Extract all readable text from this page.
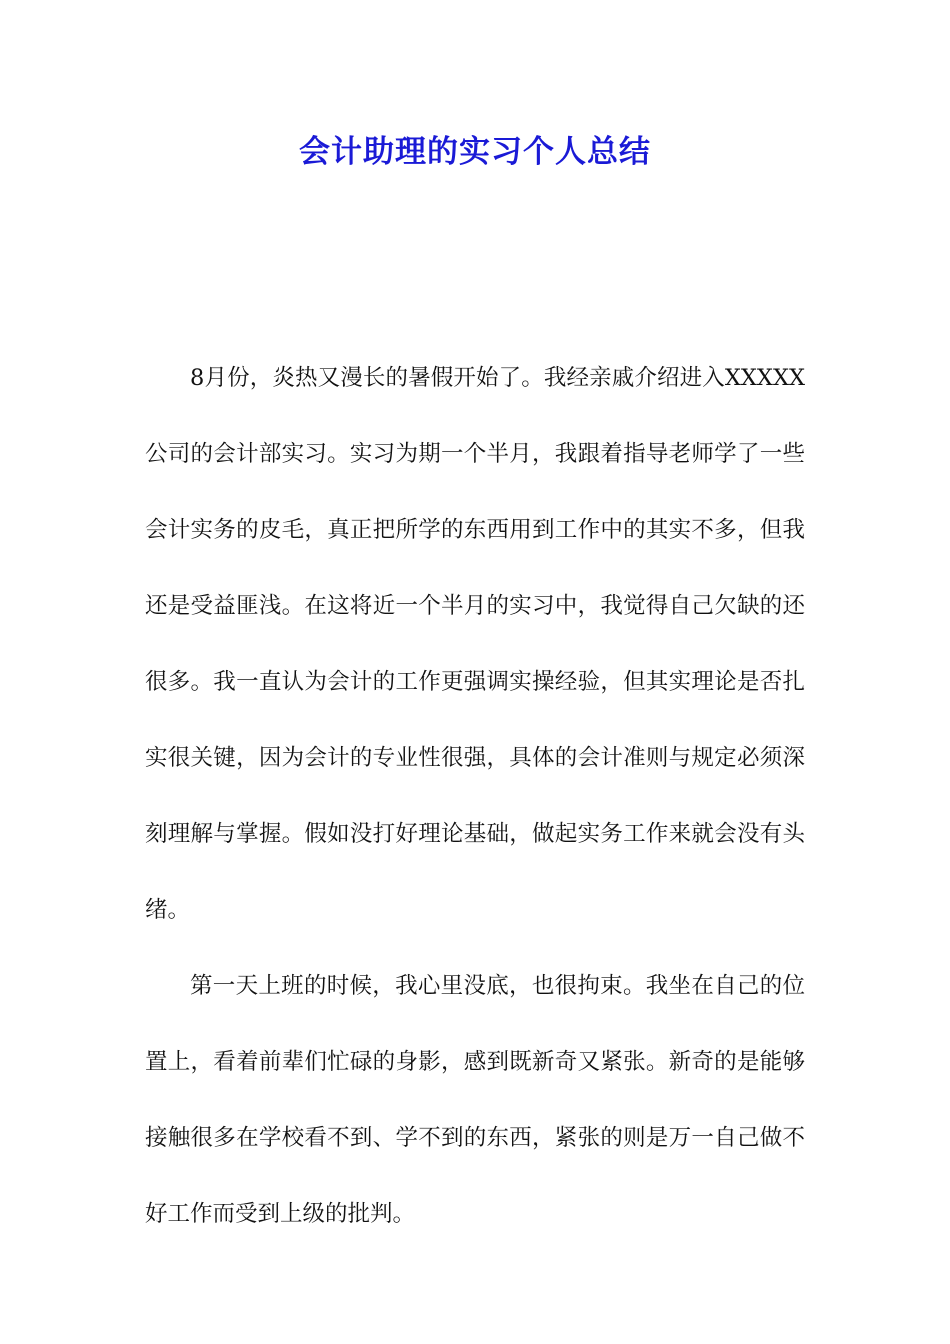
会计助理的实习个人总结

8月份，炎热又漫长的暑假开始了。我经亲戚介绍进入XXXXX公司的会计部实习。实习为期一个半月，我跟着指导老师学了一些会计实务的皮毛，真正把所学的东西用到工作中的其实不多，但我还是受益匪浅。在这将近一个半月的实习中，我觉得自己欠缺的还很多。我一直认为会计的工作更强调实操经验，但其实理论是否扎实很关键，因为会计的专业性很强，具体的会计准则与规定必须深刻理解与掌握。假如没打好理论基础，做起实务工作来就会没有头绪。

第一天上班的时候，我心里没底，也很拘束。我坐在自己的位置上，看着前辈们忙碌的身影，感到既新奇又紧张。新奇的是能够接触很多在学校看不到、学不到的东西，紧张的则是万一自己做不好工作而受到上级的批判。
